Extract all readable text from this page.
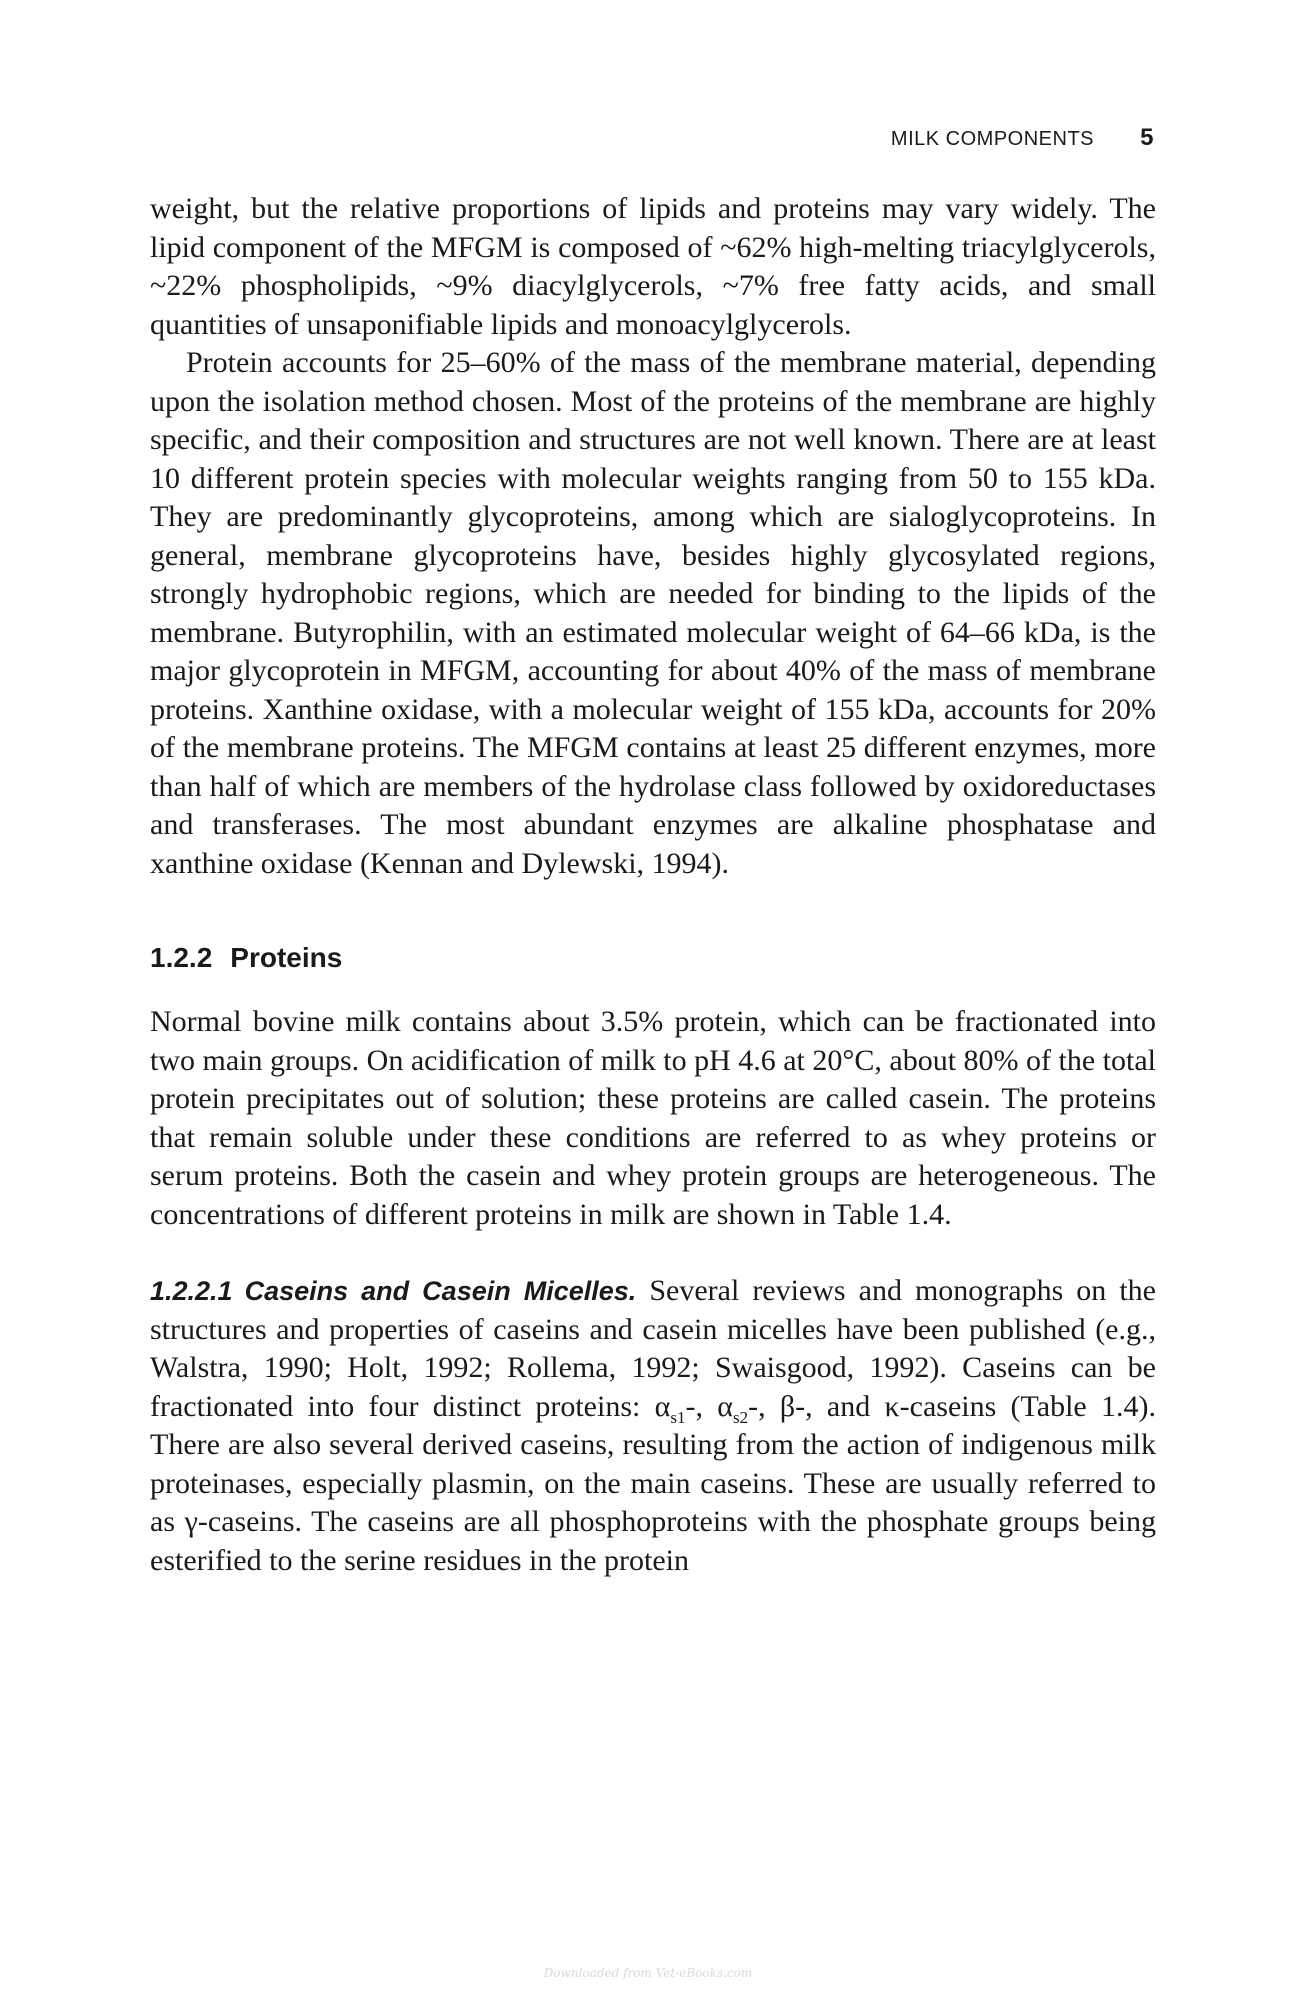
MILK COMPONENTS 5

weight, but the relative proportions of lipids and proteins may vary widely. The lipid component of the MFGM is composed of ~62% high-melting triacylglycerols, ~22% phospholipids, ~9% diacylglycerols, ~7% free fatty acids, and small quantities of unsaponifiable lipids and monoacylglycerols.

Protein accounts for 25–60% of the mass of the membrane material, depending upon the isolation method chosen. Most of the proteins of the membrane are highly specific, and their composition and structures are not well known. There are at least 10 different protein species with molecular weights ranging from 50 to 155 kDa. They are predominantly glycoproteins, among which are sialoglycoproteins. In general, membrane glycoproteins have, besides highly glycosylated regions, strongly hydrophobic regions, which are needed for binding to the lipids of the membrane. Butyrophilin, with an estimated molecular weight of 64–66 kDa, is the major glycoprotein in MFGM, accounting for about 40% of the mass of membrane proteins. Xanthine oxidase, with a molecular weight of 155 kDa, accounts for 20% of the membrane proteins. The MFGM contains at least 25 different enzymes, more than half of which are members of the hydrolase class followed by oxidoreductases and transferases. The most abundant enzymes are alkaline phosphatase and xanthine oxidase (Kennan and Dylewski, 1994).

1.2.2 Proteins

Normal bovine milk contains about 3.5% protein, which can be fractionated into two main groups. On acidification of milk to pH 4.6 at 20°C, about 80% of the total protein precipitates out of solution; these proteins are called casein. The proteins that remain soluble under these conditions are referred to as whey proteins or serum proteins. Both the casein and whey protein groups are heterogeneous. The concentrations of different proteins in milk are shown in Table 1.4.

1.2.2.1 Caseins and Casein Micelles. Several reviews and monographs on the structures and properties of caseins and casein micelles have been published (e.g., Walstra, 1990; Holt, 1992; Rollema, 1992; Swaisgood, 1992). Caseins can be fractionated into four distinct proteins: $\alpha_{s1}-$, $\alpha_{s2}-$, β-, and κ-caseins (Table 1.4). There are also several derived caseins, resulting from the action of indigenous milk proteinases, especially plasmin, on the main caseins. These are usually referred to as γ-caseins. The caseins are all phosphoproteins with the phosphate groups being esterified to the serine residues in the protein

Downloaded from Vet-eBooks.com
